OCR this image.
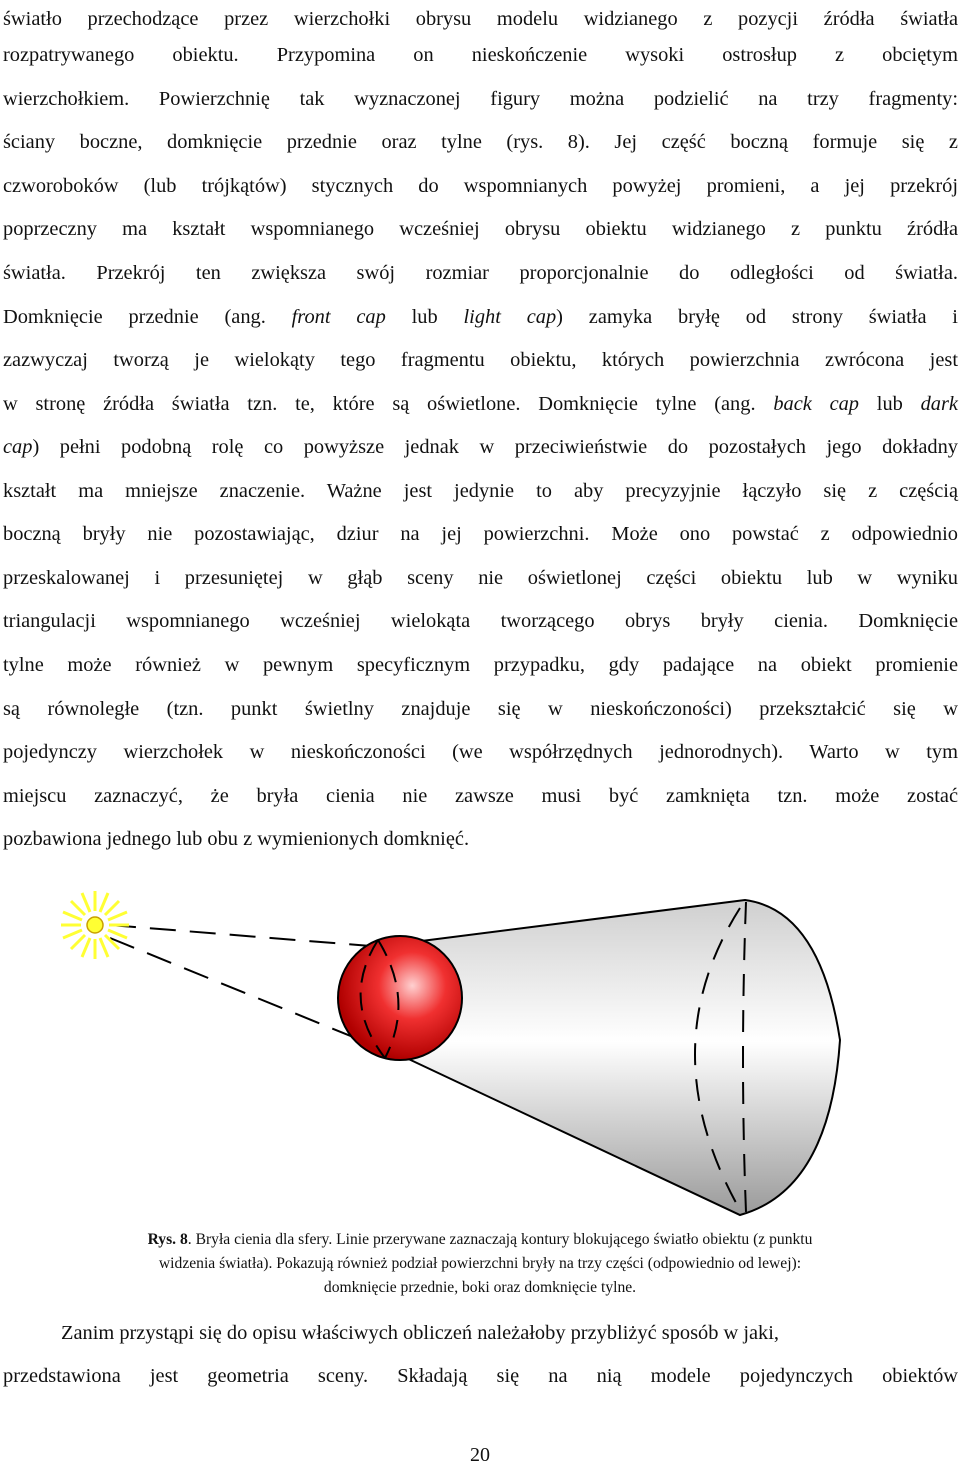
światło przechodzące przez wierzchołki obrysu modelu widzianego z pozycji źródła światła
rozpatrywanego obiektu. Przypomina on nieskończenie wysoki ostrosłup z obciętym
wierzchołkiem. Powierzchnię tak wyznaczonej figury można podzielić na trzy fragmenty:
ściany boczne, domknięcie przednie oraz tylne (rys. 8). Jej część boczną formuje się z
czworoboków (lub trójkątów) stycznych do wspomnianych powyżej promieni, a jej przekrój
poprzeczny ma kształt wspomnianego wcześniej obrysu obiektu widzianego z punktu źródła
światła. Przekrój ten zwiększa swój rozmiar proporcjonalnie do odległości od światła.
Domknięcie przednie (ang. front cap lub light cap) zamyka bryłę od strony światła i
zazwyczaj tworzą je wielokąty tego fragmentu obiektu, których powierzchnia zwrócona jest
w stronę źródła światła tzn. te, które są oświetlone. Domknięcie tylne (ang. back cap lub dark
cap) pełni podobną rolę co powyższe jednak w przeciwieństwie do pozostałych jego dokładny
kształt ma mniejsze znaczenie. Ważne jest jedynie to aby precyzyjnie łączyło się z częścią
boczną bryły nie pozostawiając, dziur na jej powierzchni. Może ono powstać z odpowiednio
przeskalowanej i przesuniętej w głąb sceny nie oświetlonej części obiektu lub w wyniku
triangulacji wspomnianego wcześniej wielokąta tworzącego obrys bryły cienia. Domknięcie
tylne może również w pewnym specyficznym przypadku, gdy padające na obiekt promienie
są równoległe (tzn. punkt świetlny znajduje się w nieskończoności) przekształcić się w
pojedynczy wierzchołek w nieskończoności (we współrzędnych jednorodnych). Warto w tym
miejscu zaznaczyć, że bryła cienia nie zawsze musi być zamknięta tzn. może zostać
pozbawiona jednego lub obu z wymienionych domknięć.
Rys. 8. Bryła cienia dla sfery. Linie przerywane zaznaczają kontury blokującego światło obiektu (z punktu
widzenia światła). Pokazują również podział powierzchni bryły na trzy części (odpowiednio od lewej):
domknięcie przednie, boki oraz domknięcie tylne.
Zanim przystąpi się do opisu właściwych obliczeń należałoby przybliżyć sposób w jaki,
przedstawiona jest geometria sceny. Składają się na nią modele pojedynczych obiektów
20
